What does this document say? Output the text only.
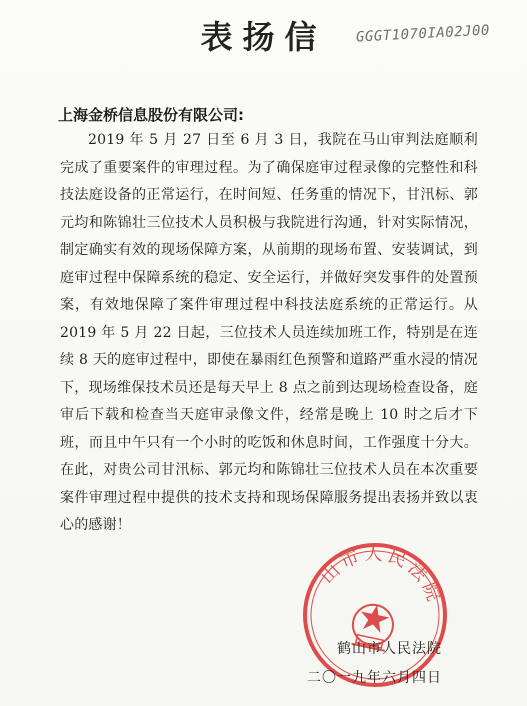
表扬信	GGGT1070IA02J00
上海金桥信息股份有限公司:
2019 年 5 月 27 日至 6 月 3 日，我院在马山审判法庭顺利完成了重要案件的审理过程。为了确保庭审过程录像的完整性和科技法庭设备的正常运行，在时间短、任务重的情况下，甘汛标、郭元均和陈锦壮三位技术人员积极与我院进行沟通，针对实际情况，制定确实有效的现场保障方案，从前期的现场布置、安装调试，到庭审过程中保障系统的稳定、安全运行，并做好突发事件的处置预案，有效地保障了案件审理过程中科技法庭系统的正常运行。从 2019 年 5 月 22 日起，三位技术人员连续加班工作，特别是在连续 8 天的庭审过程中，即使在暴雨红色预警和道路严重水浸的情况下，现场维保技术员还是每天早上 8 点之前到达现场检查设备，庭审后下载和检查当天庭审录像文件，经常是晚上 10 时之后才下班，而且中午只有一个小时的吃饭和休息时间，工作强度十分大。在此，对贵公司甘汛标、郭元均和陈锦壮三位技术人员在本次重要案件审理过程中提供的技术支持和现场保障服务提出表扬并致以衷心的感谢！
山市人民法院
鹤山市人民法院
二〇一九年六月四日
